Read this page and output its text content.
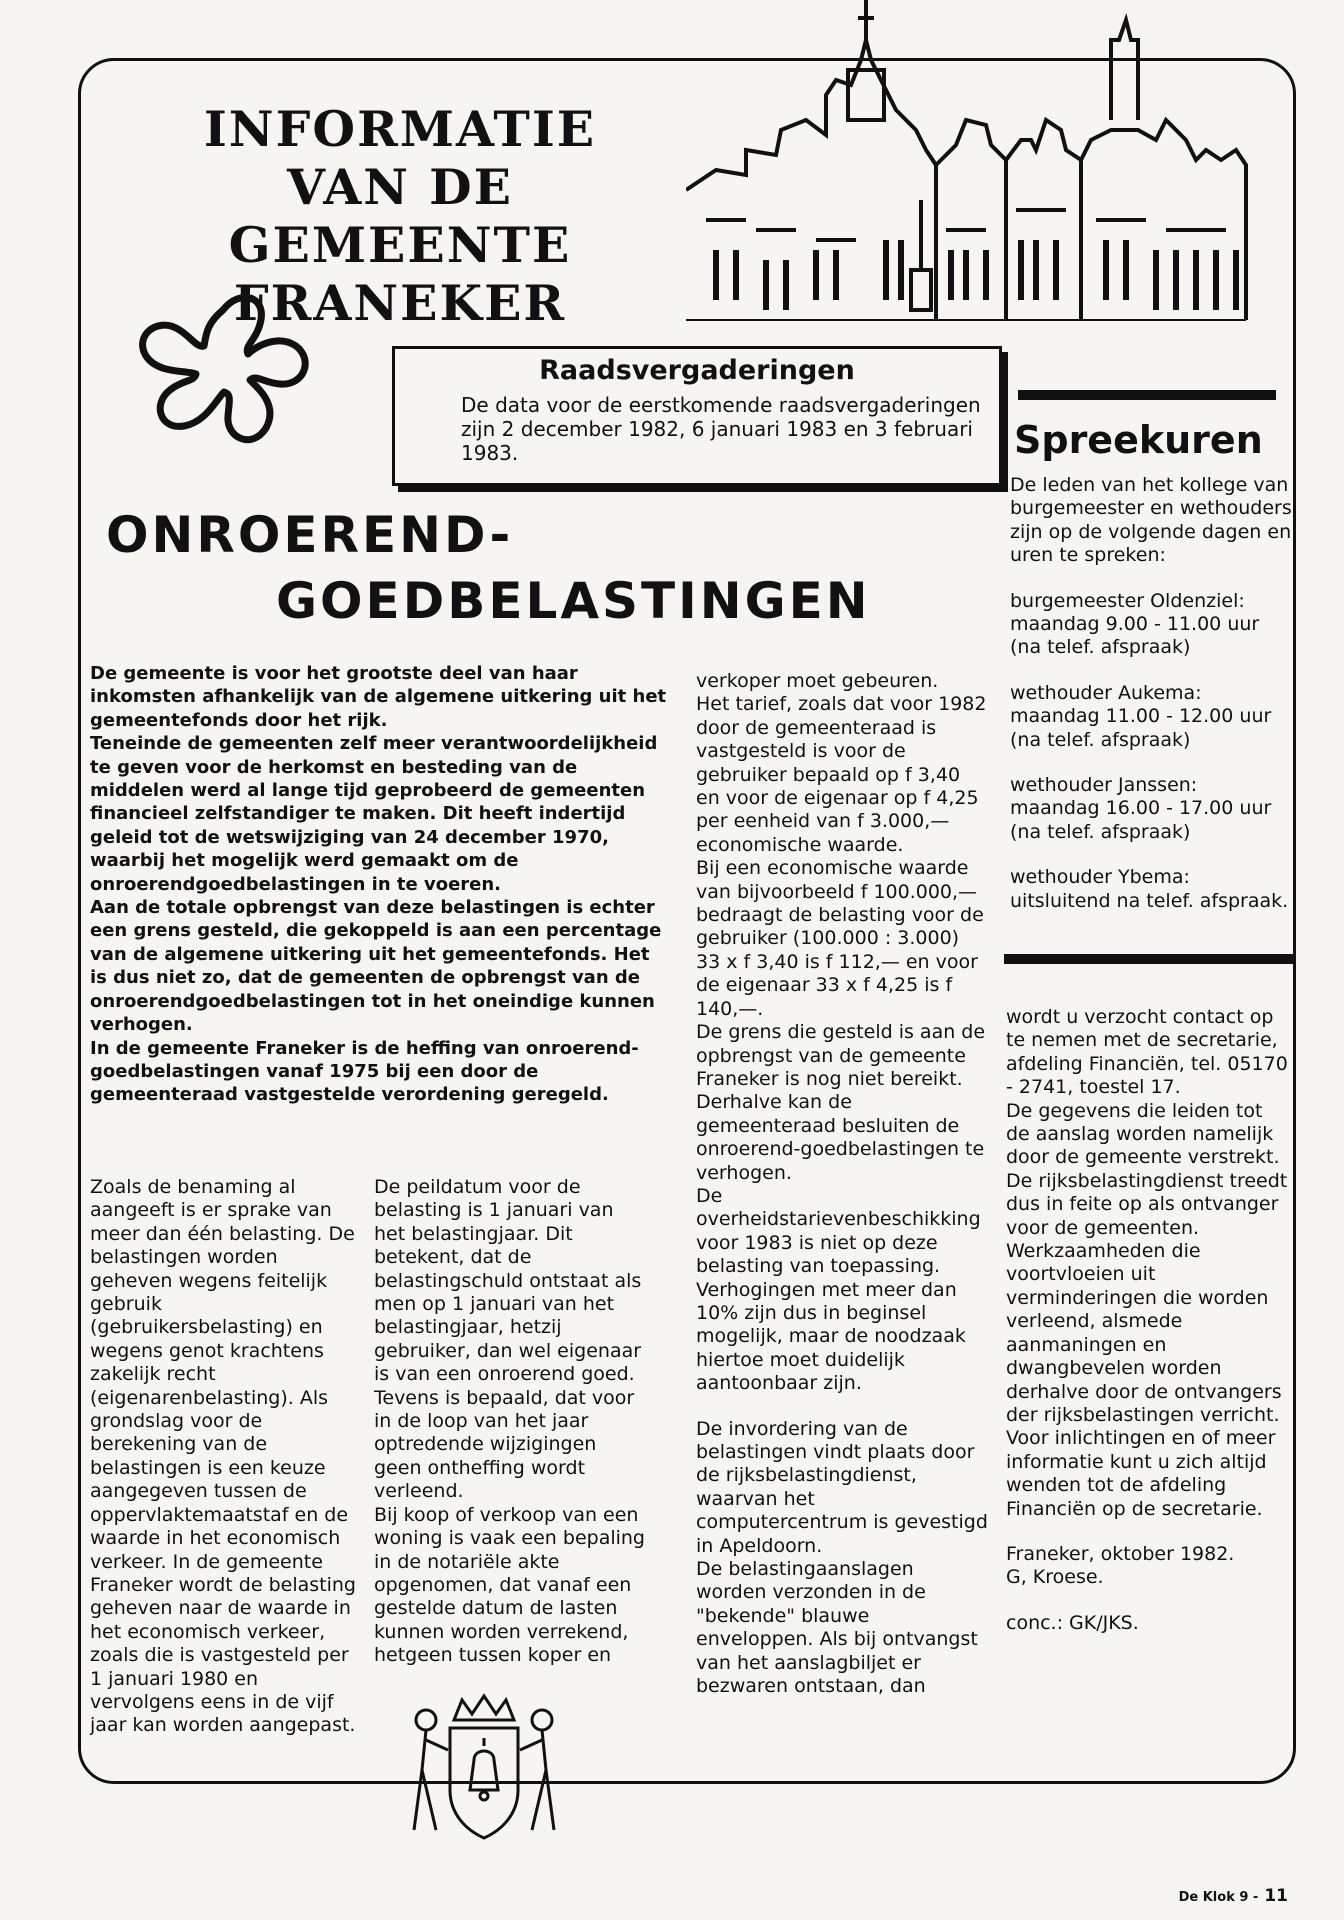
INFORMATIE
VAN DE GEMEENTE
FRANEKER
Raadsvergaderingen
De data voor de eerstkomende raadsvergaderingen zijn 2 december 1982, 6 januari 1983 en 3 februari 1983.	Spreekuren
ONROEREND-
GOEDBELASTINGEN

De gemeente is voor het grootste deel van haar inkomsten afhankelijk van de algemene uitkering uit het gemeentefonds door het rijk.

Teneinde de gemeenten zelf meer verantwoordelijkheid te geven voor de herkomst en besteding van de middelen werd al lange tijd geprobeerd de gemeenten financieel zelfstandiger te maken. Dit heeft indertijd geleid tot de wetswijziging van 24 december 1970, waarbij het mogelijk werd gemaakt om de onroerendgoedbelastingen in te voeren.

Aan de totale opbrengst van deze belastingen is echter een grens gesteld, die gekoppeld is aan een percentage van de algemene uitkering uit het gemeentefonds. Het is dus niet zo, dat de gemeenten de opbrengst van de onroerendgoedbelastingen tot in het oneindige kunnen verhogen.

In de gemeente Franeker is de heffing van onroerend-goedbelastingen vanaf 1975 bij een door de gemeenteraad vastgestelde verordening geregeld.

Zoals de benaming al aangeeft is er sprake van meer dan één belasting. De belastingen worden geheven wegens feitelijk gebruik (gebruikersbelasting) en wegens genot krachtens zakelijk recht (eigenarenbelasting). Als grondslag voor de berekening van de belastingen is een keuze aangegeven tussen de oppervlaktemaatstaf en de waarde in het economisch verkeer. In de gemeente Franeker wordt de belasting geheven naar de waarde in het economisch verkeer, zoals die is vastgesteld per 1 januari 1980 en vervolgens eens in de vijf jaar kan worden aangepast.

De peildatum voor de belasting is 1 januari van het belastingjaar. Dit betekent, dat de belastingschuld ontstaat als men op 1 januari van het belastingjaar, hetzij gebruiker, dan wel eigenaar is van een onroerend goed.

Tevens is bepaald, dat voor in de loop van het jaar optredende wijzigingen geen ontheffing wordt verleend.

Bij koop of verkoop van een woning is vaak een bepaling in de notariële akte opgenomen, dat vanaf een gestelde datum de lasten kunnen worden verrekend, hetgeen tussen koper en

verkoper moet gebeuren.

Het tarief, zoals dat voor 1982 door de gemeenteraad is vastgesteld is voor de gebruiker bepaald op f 3,40 en voor de eigenaar op f 4,25 per eenheid van f 3.000,— economische waarde.

Bij een economische waarde van bijvoorbeeld f 100.000,— bedraagt de belasting voor de gebruiker (100.000 : 3.000) 33 x f 3,40 is f 112,— en voor de eigenaar 33 x f 4,25 is f 140,—.

De grens die gesteld is aan de opbrengst van de gemeente Franeker is nog niet bereikt. Derhalve kan de gemeenteraad besluiten de onroerend-goedbelastingen te verhogen.

De overheidstarievenbeschikking voor 1983 is niet op deze belasting van toepassing. Verhogingen met meer dan 10% zijn dus in beginsel mogelijk, maar de noodzaak hiertoe moet duidelijk aantoonbaar zijn.

De invordering van de belastingen vindt plaats door de rijksbelastingdienst, waarvan het computercentrum is gevestigd in Apeldoorn.

De belastingaanslagen worden verzonden in de "bekende" blauwe enveloppen. Als bij ontvangst van het aanslagbiljet er bezwaren ontstaan, dan

De leden van het kollege van burgemeester en wethouders zijn op de volgende dagen en uren te spreken:

burgemeester Oldenziel:

maandag 9.00 - 11.00 uur

(na telef. afspraak)

wethouder Aukema:

maandag 11.00 - 12.00 uur

(na telef. afspraak)

wethouder Janssen:

maandag 16.00 - 17.00 uur

(na telef. afspraak)

wethouder Ybema:

uitsluitend na telef. afspraak.

wordt u verzocht contact op te nemen met de secretarie, afdeling Financiën, tel. 05170 - 2741, toestel 17.

De gegevens die leiden tot de aanslag worden namelijk door de gemeente verstrekt. De rijksbelastingdienst treedt dus in feite op als ontvanger voor de gemeenten. Werkzaamheden die voortvloeien uit verminderingen die worden verleend, alsmede aanmaningen en dwangbevelen worden derhalve door de ontvangers der rijksbelastingen verricht.

Voor inlichtingen en of meer informatie kunt u zich altijd wenden tot de afdeling Financiën op de secretarie.

Franeker, oktober 1982.

G, Kroese.

conc.: GK/JKS.

De Klok 9 - 11
